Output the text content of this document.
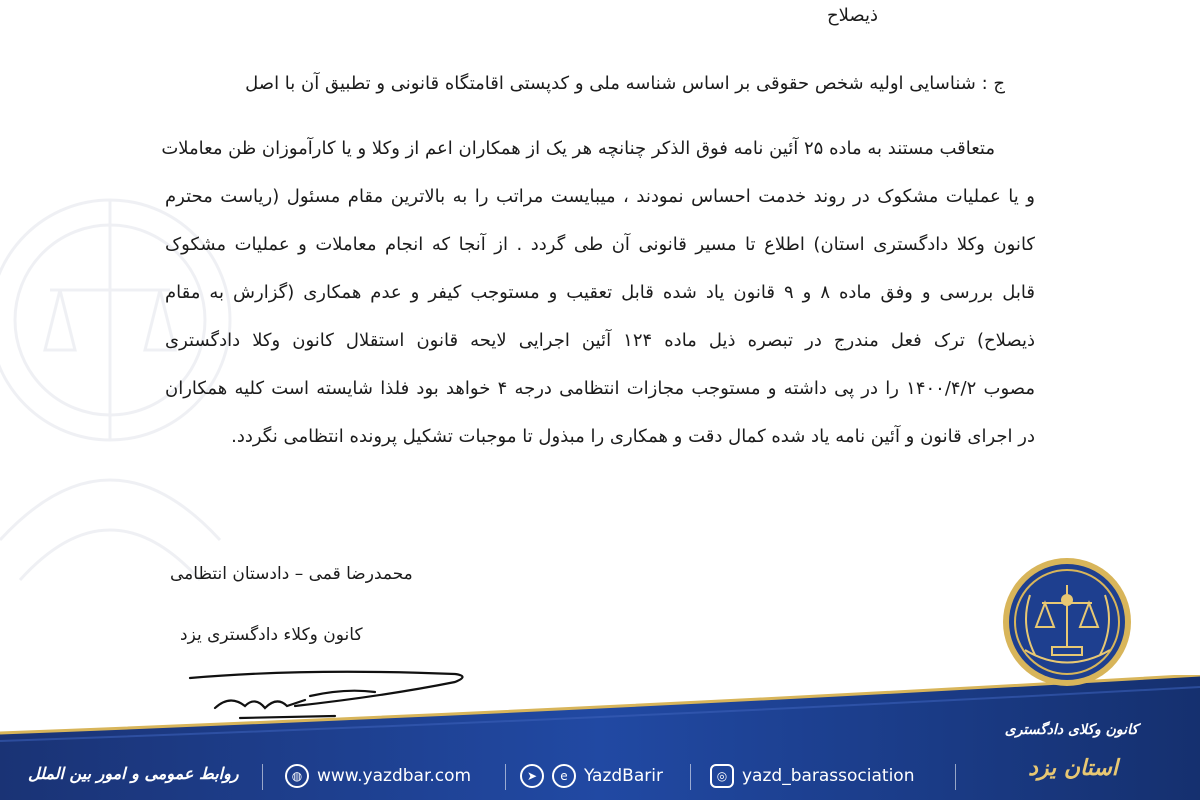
ذیصلاح
ج : شناسایی اولیه شخص حقوقی بر اساس شناسه ملی و کدپستی اقامتگاه قانونی و تطبیق آن با اصل
متعاقب مستند به ماده ۲۵ آئین نامه فوق الذکر چنانچه هر یک از همکاران اعم از وکلا و یا کارآموزان ظن معاملات
و یا عملیات مشکوک در روند خدمت احساس نمودند ، میبایست مراتب را به بالاترین مقام مسئول (ریاست محترم
کانون وکلا دادگستری استان) اطلاع تا مسیر قانونی آن طی گردد . از آنجا که انجام معاملات و عملیات مشکوک
قابل بررسی و وفق ماده ۸ و ۹ قانون یاد شده قابل تعقیب و مستوجب کیفر و عدم همکاری (گزارش به مقام
ذیصلاح) ترک فعل مندرج در تبصره ذیل ماده ۱۲۴ آئین اجرایی لایحه قانون استقلال کانون وکلا دادگستری
مصوب ۱۴۰۰/۴/۲ را در پی داشته و مستوجب مجازات انتظامی درجه ۴ خواهد بود فلذا شایسته است کلیه همکاران
در اجرای قانون و آئین نامه یاد شده کمال دقت و همکاری را مبذول تا موجبات تشکیل پرونده انتظامی نگردد.
محمدرضا قمی – دادستان انتظامی
کانون وکلاء دادگستری یزد
روابط عمومی و امور بین الملل	◍ www.yazdbar.com	➤	e YazdBarir	◎ yazd_barassociation
کانون وکلای دادگستری
استان یزد
